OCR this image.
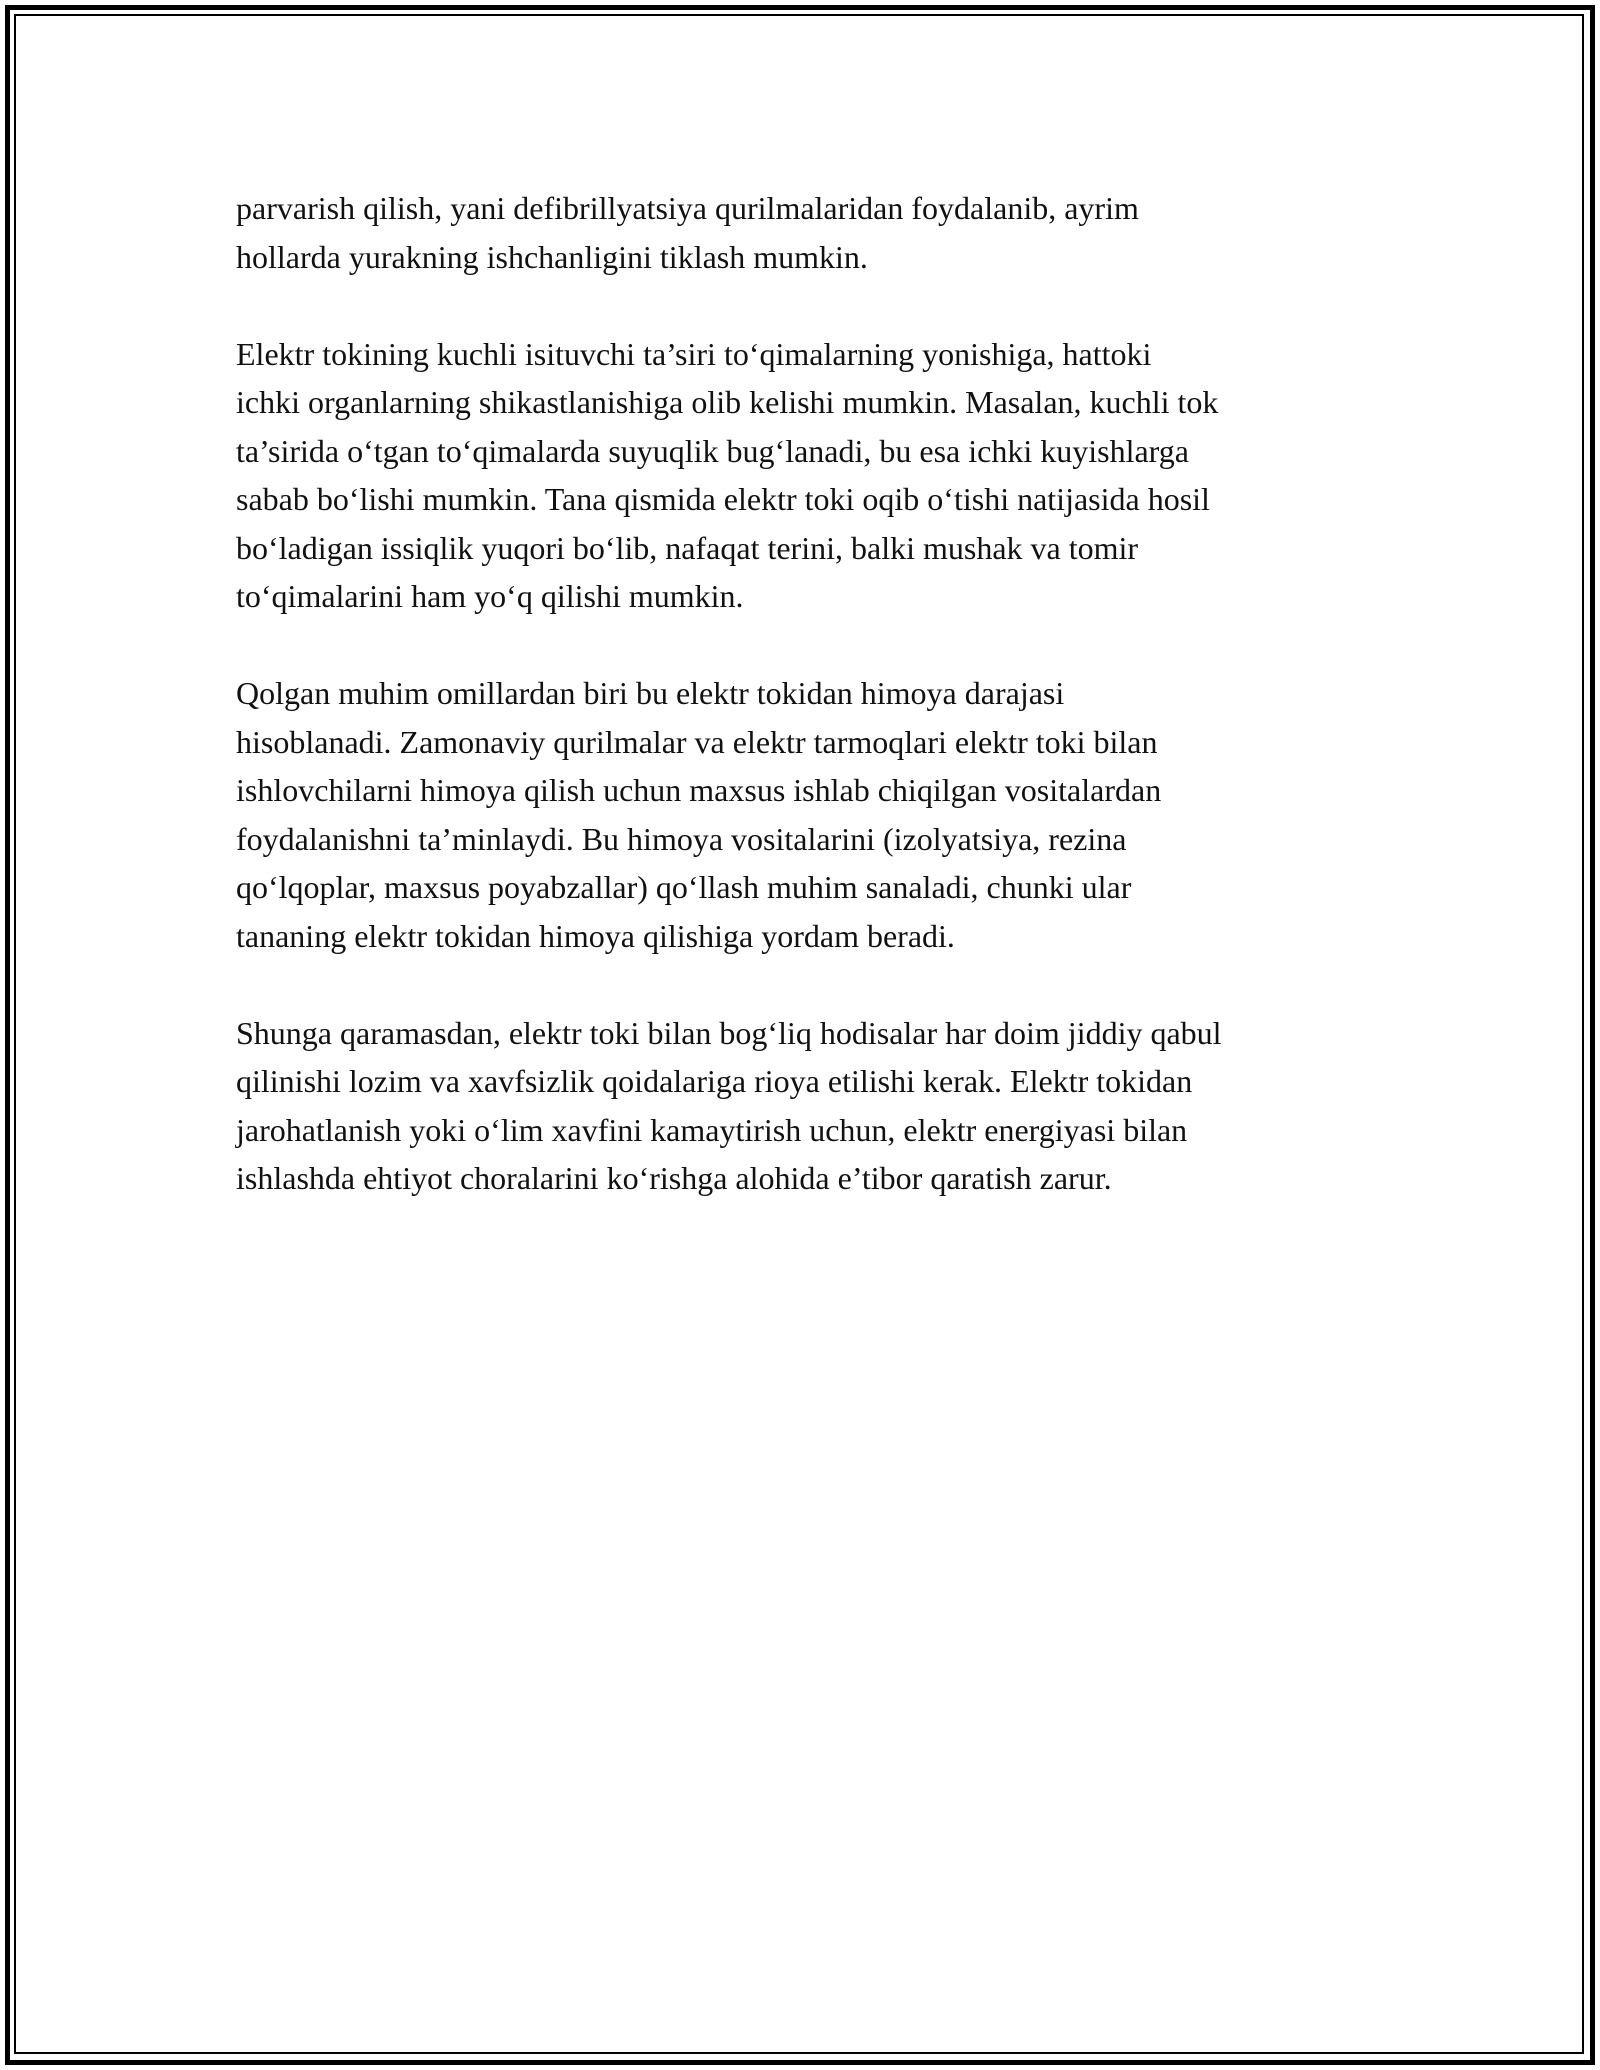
parvarish qilish, yani defibrillyatsiya qurilmalaridan foydalanib, ayrim
hollarda yurakning ishchanligini tiklash mumkin.

Elektr tokining kuchli isituvchi ta’siri to‘qimalarning yonishiga, hattoki
ichki organlarning shikastlanishiga olib kelishi mumkin. Masalan, kuchli tok
ta’sirida o‘tgan to‘qimalarda suyuqlik bug‘lanadi, bu esa ichki kuyishlarga
sabab bo‘lishi mumkin. Tana qismida elektr toki oqib o‘tishi natijasida hosil
bo‘ladigan issiqlik yuqori bo‘lib, nafaqat terini, balki mushak va tomir
to‘qimalarini ham yo‘q qilishi mumkin.

Qolgan muhim omillardan biri bu elektr tokidan himoya darajasi
hisoblanadi. Zamonaviy qurilmalar va elektr tarmoqlari elektr toki bilan
ishlovchilarni himoya qilish uchun maxsus ishlab chiqilgan vositalardan
foydalanishni ta’minlaydi. Bu himoya vositalarini (izolyatsiya, rezina
qo‘lqoplar, maxsus poyabzallar) qo‘llash muhim sanaladi, chunki ular
tananing elektr tokidan himoya qilishiga yordam beradi.

Shunga qaramasdan, elektr toki bilan bog‘liq hodisalar har doim jiddiy qabul
qilinishi lozim va xavfsizlik qoidalariga rioya etilishi kerak. Elektr tokidan
jarohatlanish yoki o‘lim xavfini kamaytirish uchun, elektr energiyasi bilan
ishlashda ehtiyot choralarini ko‘rishga alohida e’tibor qaratish zarur.
